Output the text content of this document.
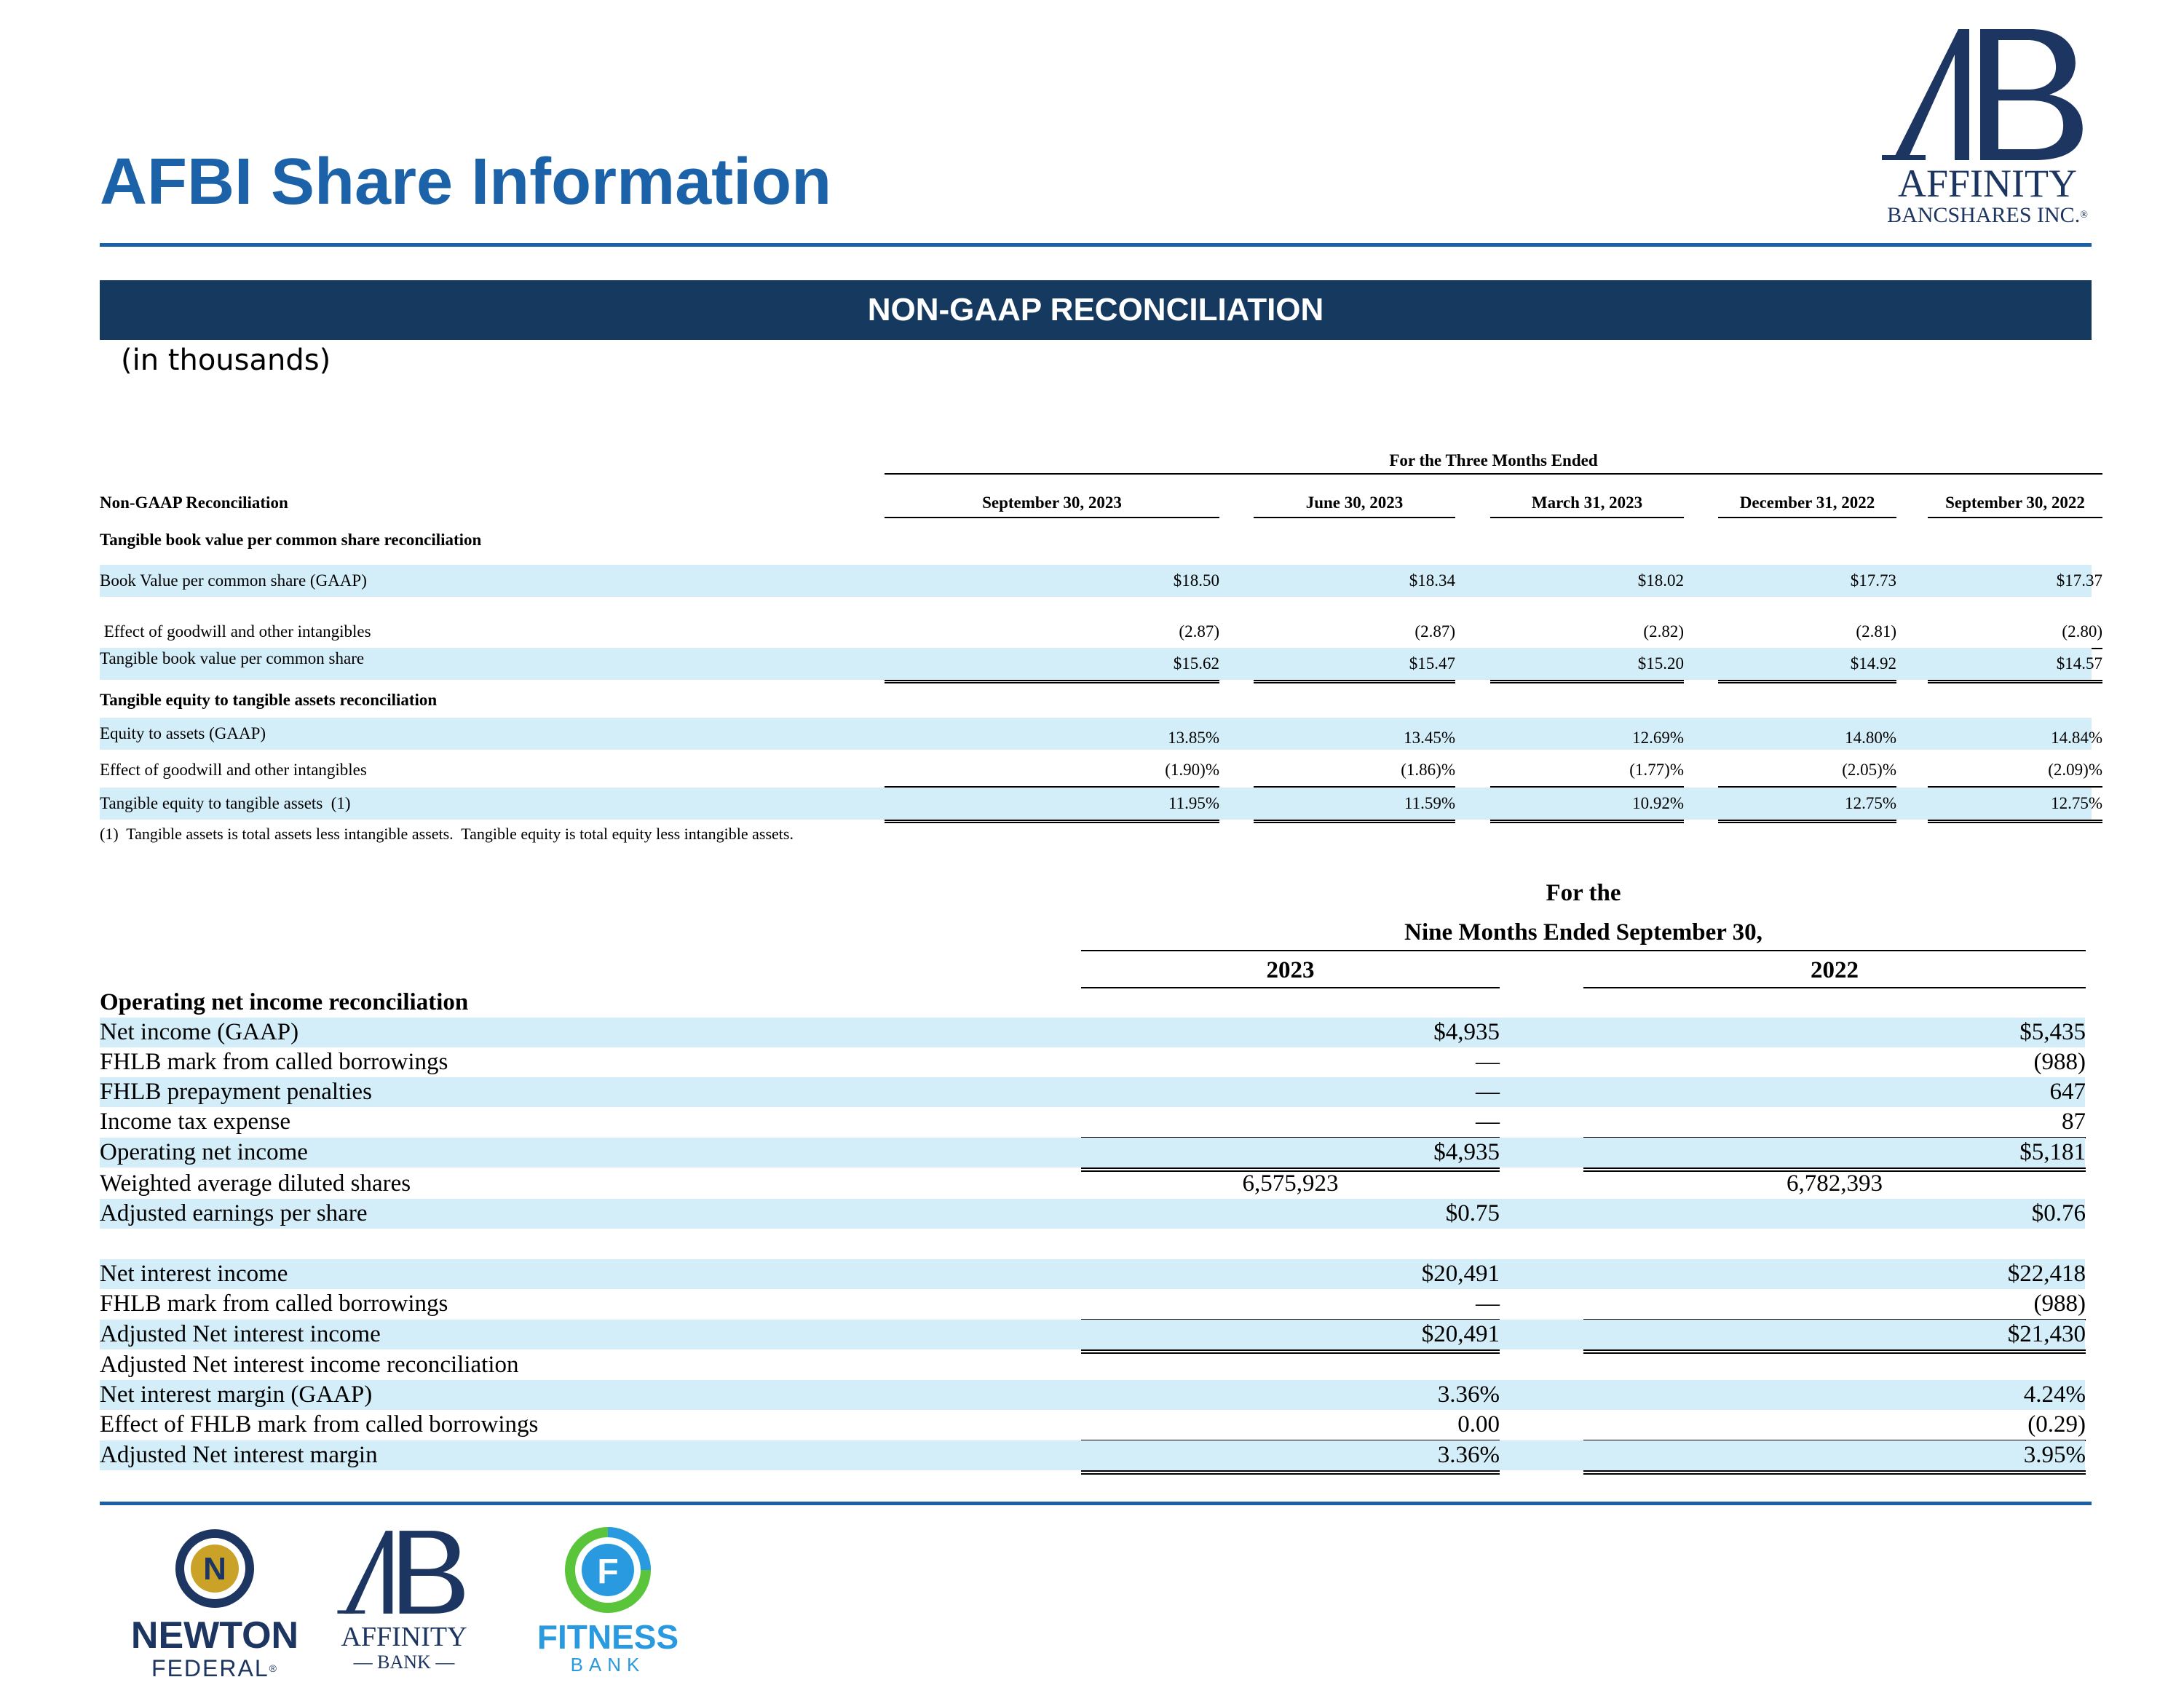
AFBI Share Information	AFFINITY
BANCSHARES INC.®
NON-GAAP RECONCILIATION
(in thousands)
For the Three Months Ended
Non-GAAP Reconciliation	September 30, 2023	June 30, 2023	March 31, 2023	December 31, 2022	September 30, 2022
Tangible book value per common share reconciliation
Book Value per common share (GAAP)	$18.50	$18.34	$18.02	$17.73	$17.37
Effect of goodwill and other intangibles	(2.87)	(2.87)	(2.82)	(2.81)	(2.80)
Tangible book value per common share	$15.62	$15.47	$15.20	$14.92	$14.57
Tangible equity to tangible assets reconciliation
Equity to assets (GAAP)	13.85%	13.45%	12.69%	14.80%	14.84%
Effect of goodwill and other intangibles	(1.90)%	(1.86)%	(1.77)%	(2.05)%	(2.09)%
Tangible equity to tangible assets  (1)	11.95%	11.59%	10.92%	12.75%	12.75%
(1)  Tangible assets is total assets less intangible assets.  Tangible equity is total equity less intangible assets.
For the
Nine Months Ended September 30,
2023	2022
Operating net income reconciliation
Net income (GAAP)	$4,935	$5,435
FHLB mark from called borrowings	—	(988)
FHLB prepayment penalties	—	647
Income tax expense	—	87
Operating net income	$4,935	$5,181
Weighted average diluted shares	6,575,923	6,782,393
Adjusted earnings per share	$0.75	$0.76
Net interest income	$20,491	$22,418
FHLB mark from called borrowings	—	(988)
Adjusted Net interest income	$20,491	$21,430
Adjusted Net interest income reconciliation
Net interest margin (GAAP)	3.36%	4.24%
Effect of FHLB mark from called borrowings	0.00	(0.29)
Adjusted Net interest margin	3.36%	3.95%
N
NEWTON
FEDERAL®
AFFINITY
— BANK —
F
FITNESS
BANK
